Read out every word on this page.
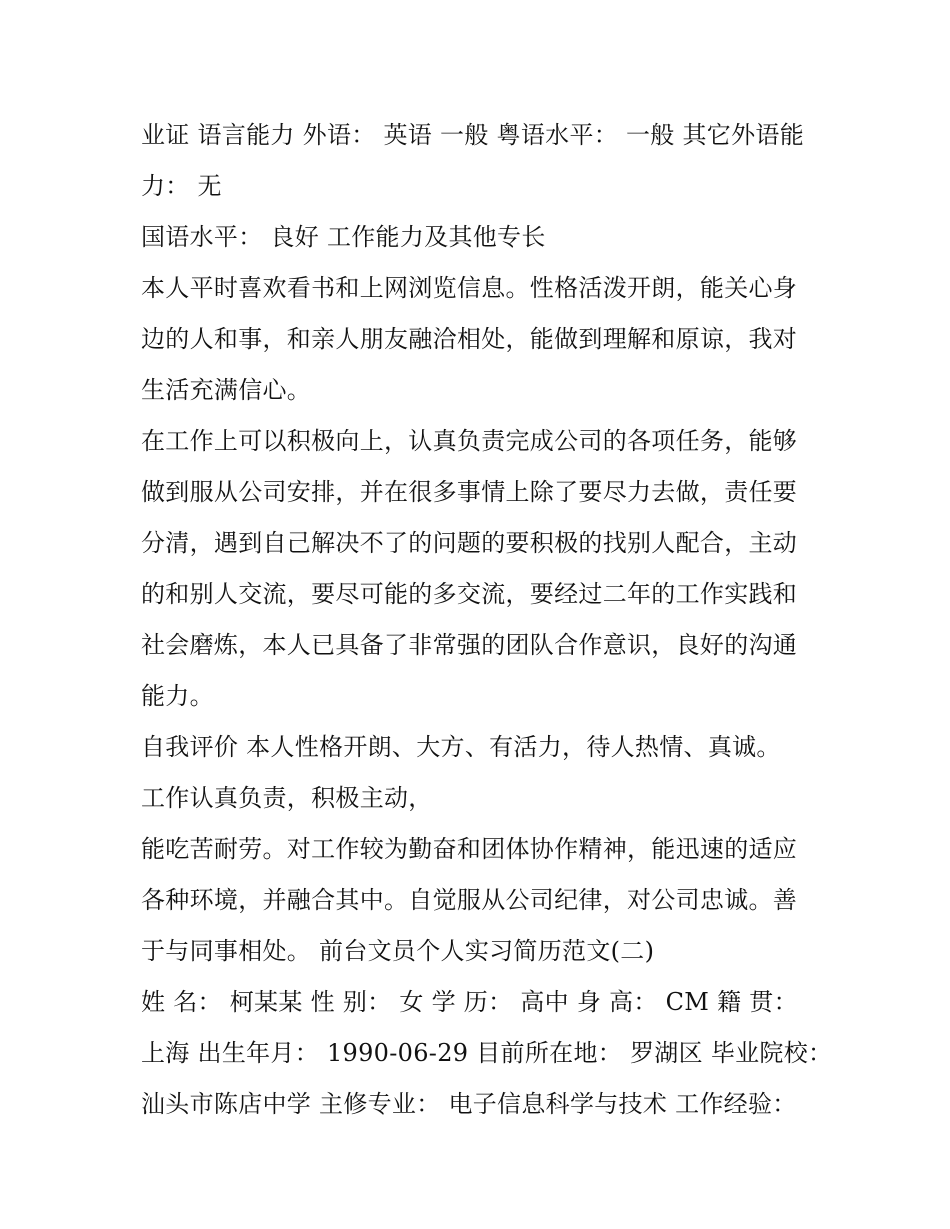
业证 语言能力 外语： 英语 一般 粤语水平： 一般 其它外语能
力： 无
国语水平： 良好 工作能力及其他专长
本人平时喜欢看书和上网浏览信息。性格活泼开朗，能关心身
边的人和事，和亲人朋友融洽相处，能做到理解和原谅，我对
生活充满信心。
在工作上可以积极向上，认真负责完成公司的各项任务，能够
做到服从公司安排，并在很多事情上除了要尽力去做，责任要
分清，遇到自己解决不了的问题的要积极的找别人配合，主动
的和别人交流，要尽可能的多交流，要经过二年的工作实践和
社会磨炼，本人已具备了非常强的团队合作意识，良好的沟通
能力。
自我评价 本人性格开朗、大方、有活力，待人热情、真诚。
工作认真负责，积极主动，
能吃苦耐劳。对工作较为勤奋和团体协作精神，能迅速的适应
各种环境，并融合其中。自觉服从公司纪律，对公司忠诚。善
于与同事相处。 前台文员个人实习简历范文(二)
姓 名： 柯某某 性 别： 女 学 历： 高中 身 高： CM 籍 贯：
上海 出生年月： 1990-06-29 目前所在地： 罗湖区 毕业院校：
汕头市陈店中学 主修专业： 电子信息科学与技术 工作经验：
